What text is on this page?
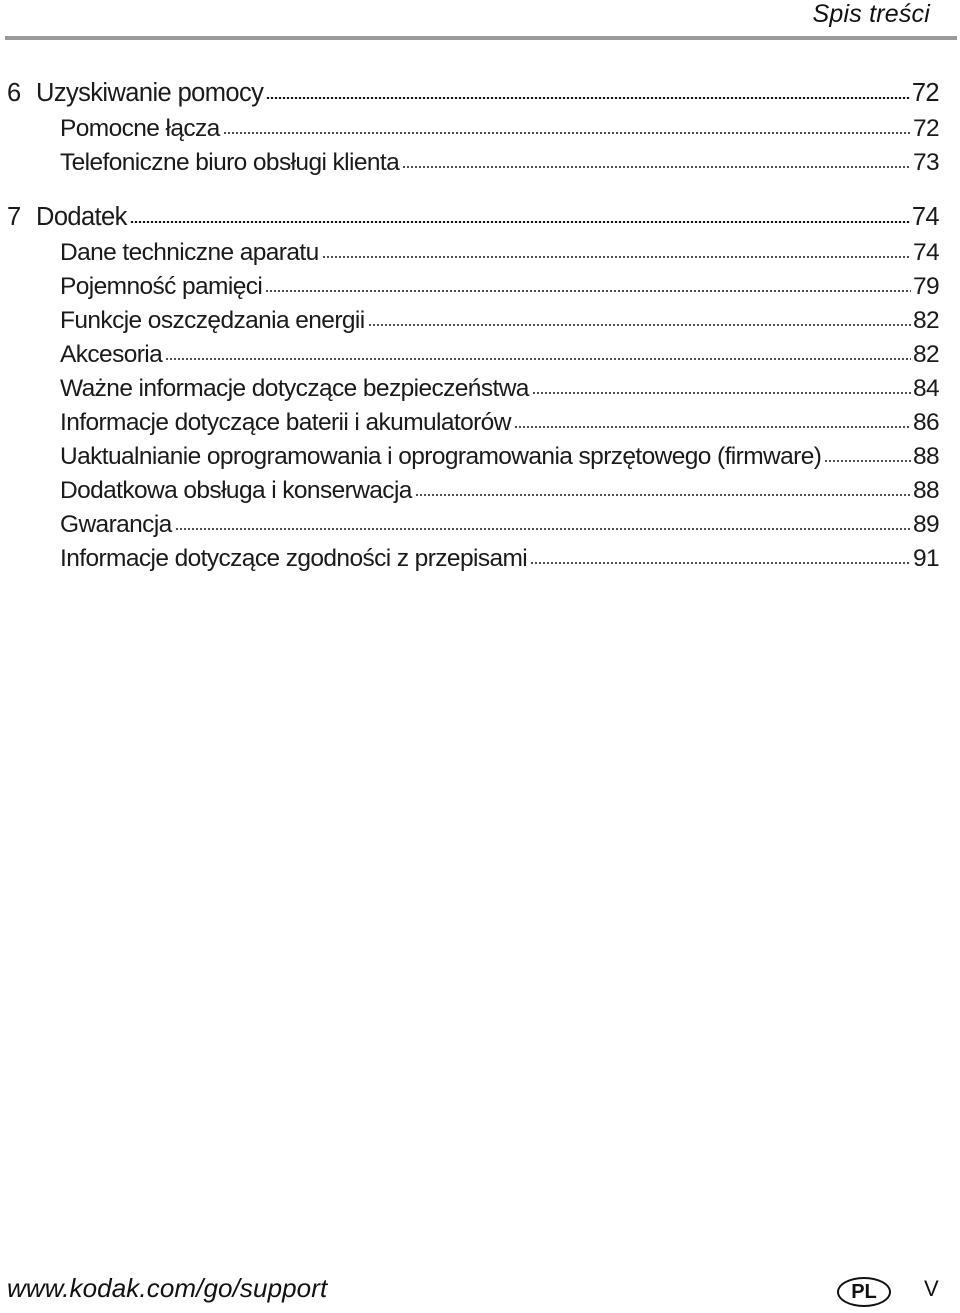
Spis treści
6 Uzyskiwanie pomocy	72
Pomocne łącza	72
Telefoniczne biuro obsługi klienta	73
7 Dodatek	74
Dane techniczne aparatu	74
Pojemność pamięci	79
Funkcje oszczędzania energii	82
Akcesoria	82
Ważne informacje dotyczące bezpieczeństwa	84
Informacje dotyczące baterii i akumulatorów	86
Uaktualnianie oprogramowania i oprogramowania sprzętowego (firmware)	88
Dodatkowa obsługa i konserwacja	88
Gwarancja	89
Informacje dotyczące zgodności z przepisami	91
www.kodak.com/go/support	PL	V
